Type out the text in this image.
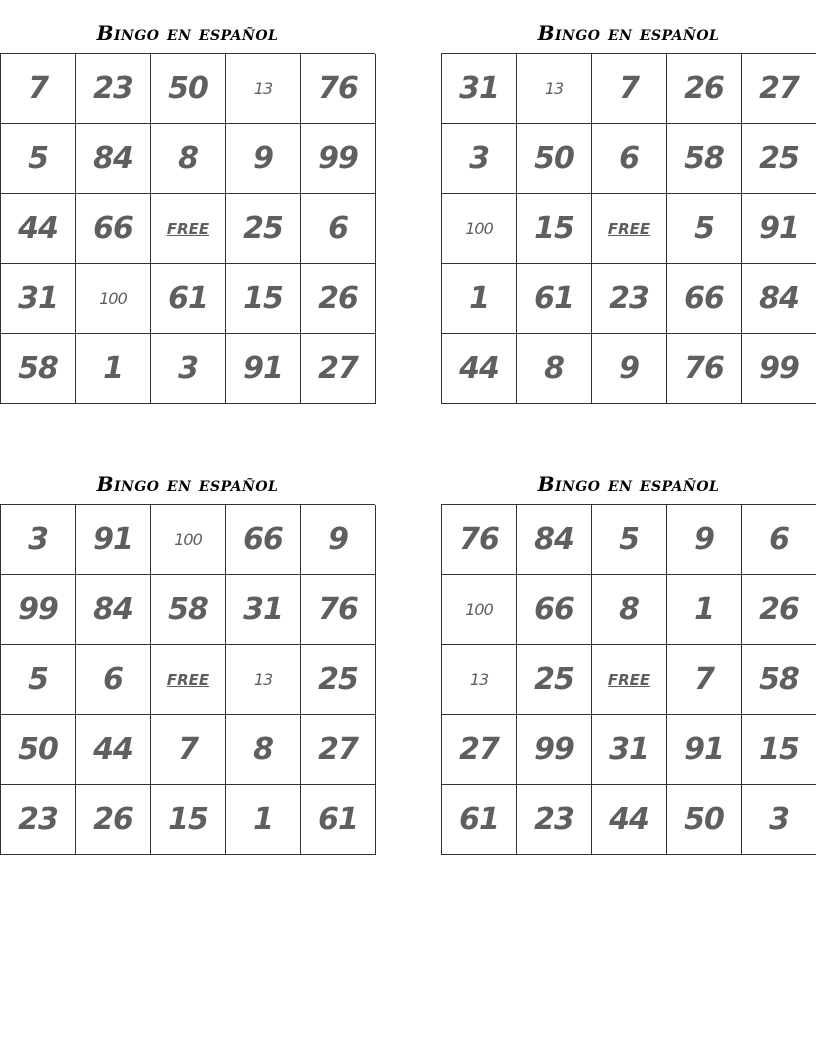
Bingo en español
7	23	50	13	76
5	84	8	9	99
44	66	FREE	25	6
31	100	61	15	26
58	1	3	91	27
Bingo en español
31	13	7	26	27
3	50	6	58	25
100	15	FREE	5	91
1	61	23	66	84
44	8	9	76	99
Bingo en español
3	91	100	66	9
99	84	58	31	76
5	6	FREE	13	25
50	44	7	8	27
23	26	15	1	61
Bingo en español
76	84	5	9	6
100	66	8	1	26
13	25	FREE	7	58
27	99	31	91	15
61	23	44	50	3
